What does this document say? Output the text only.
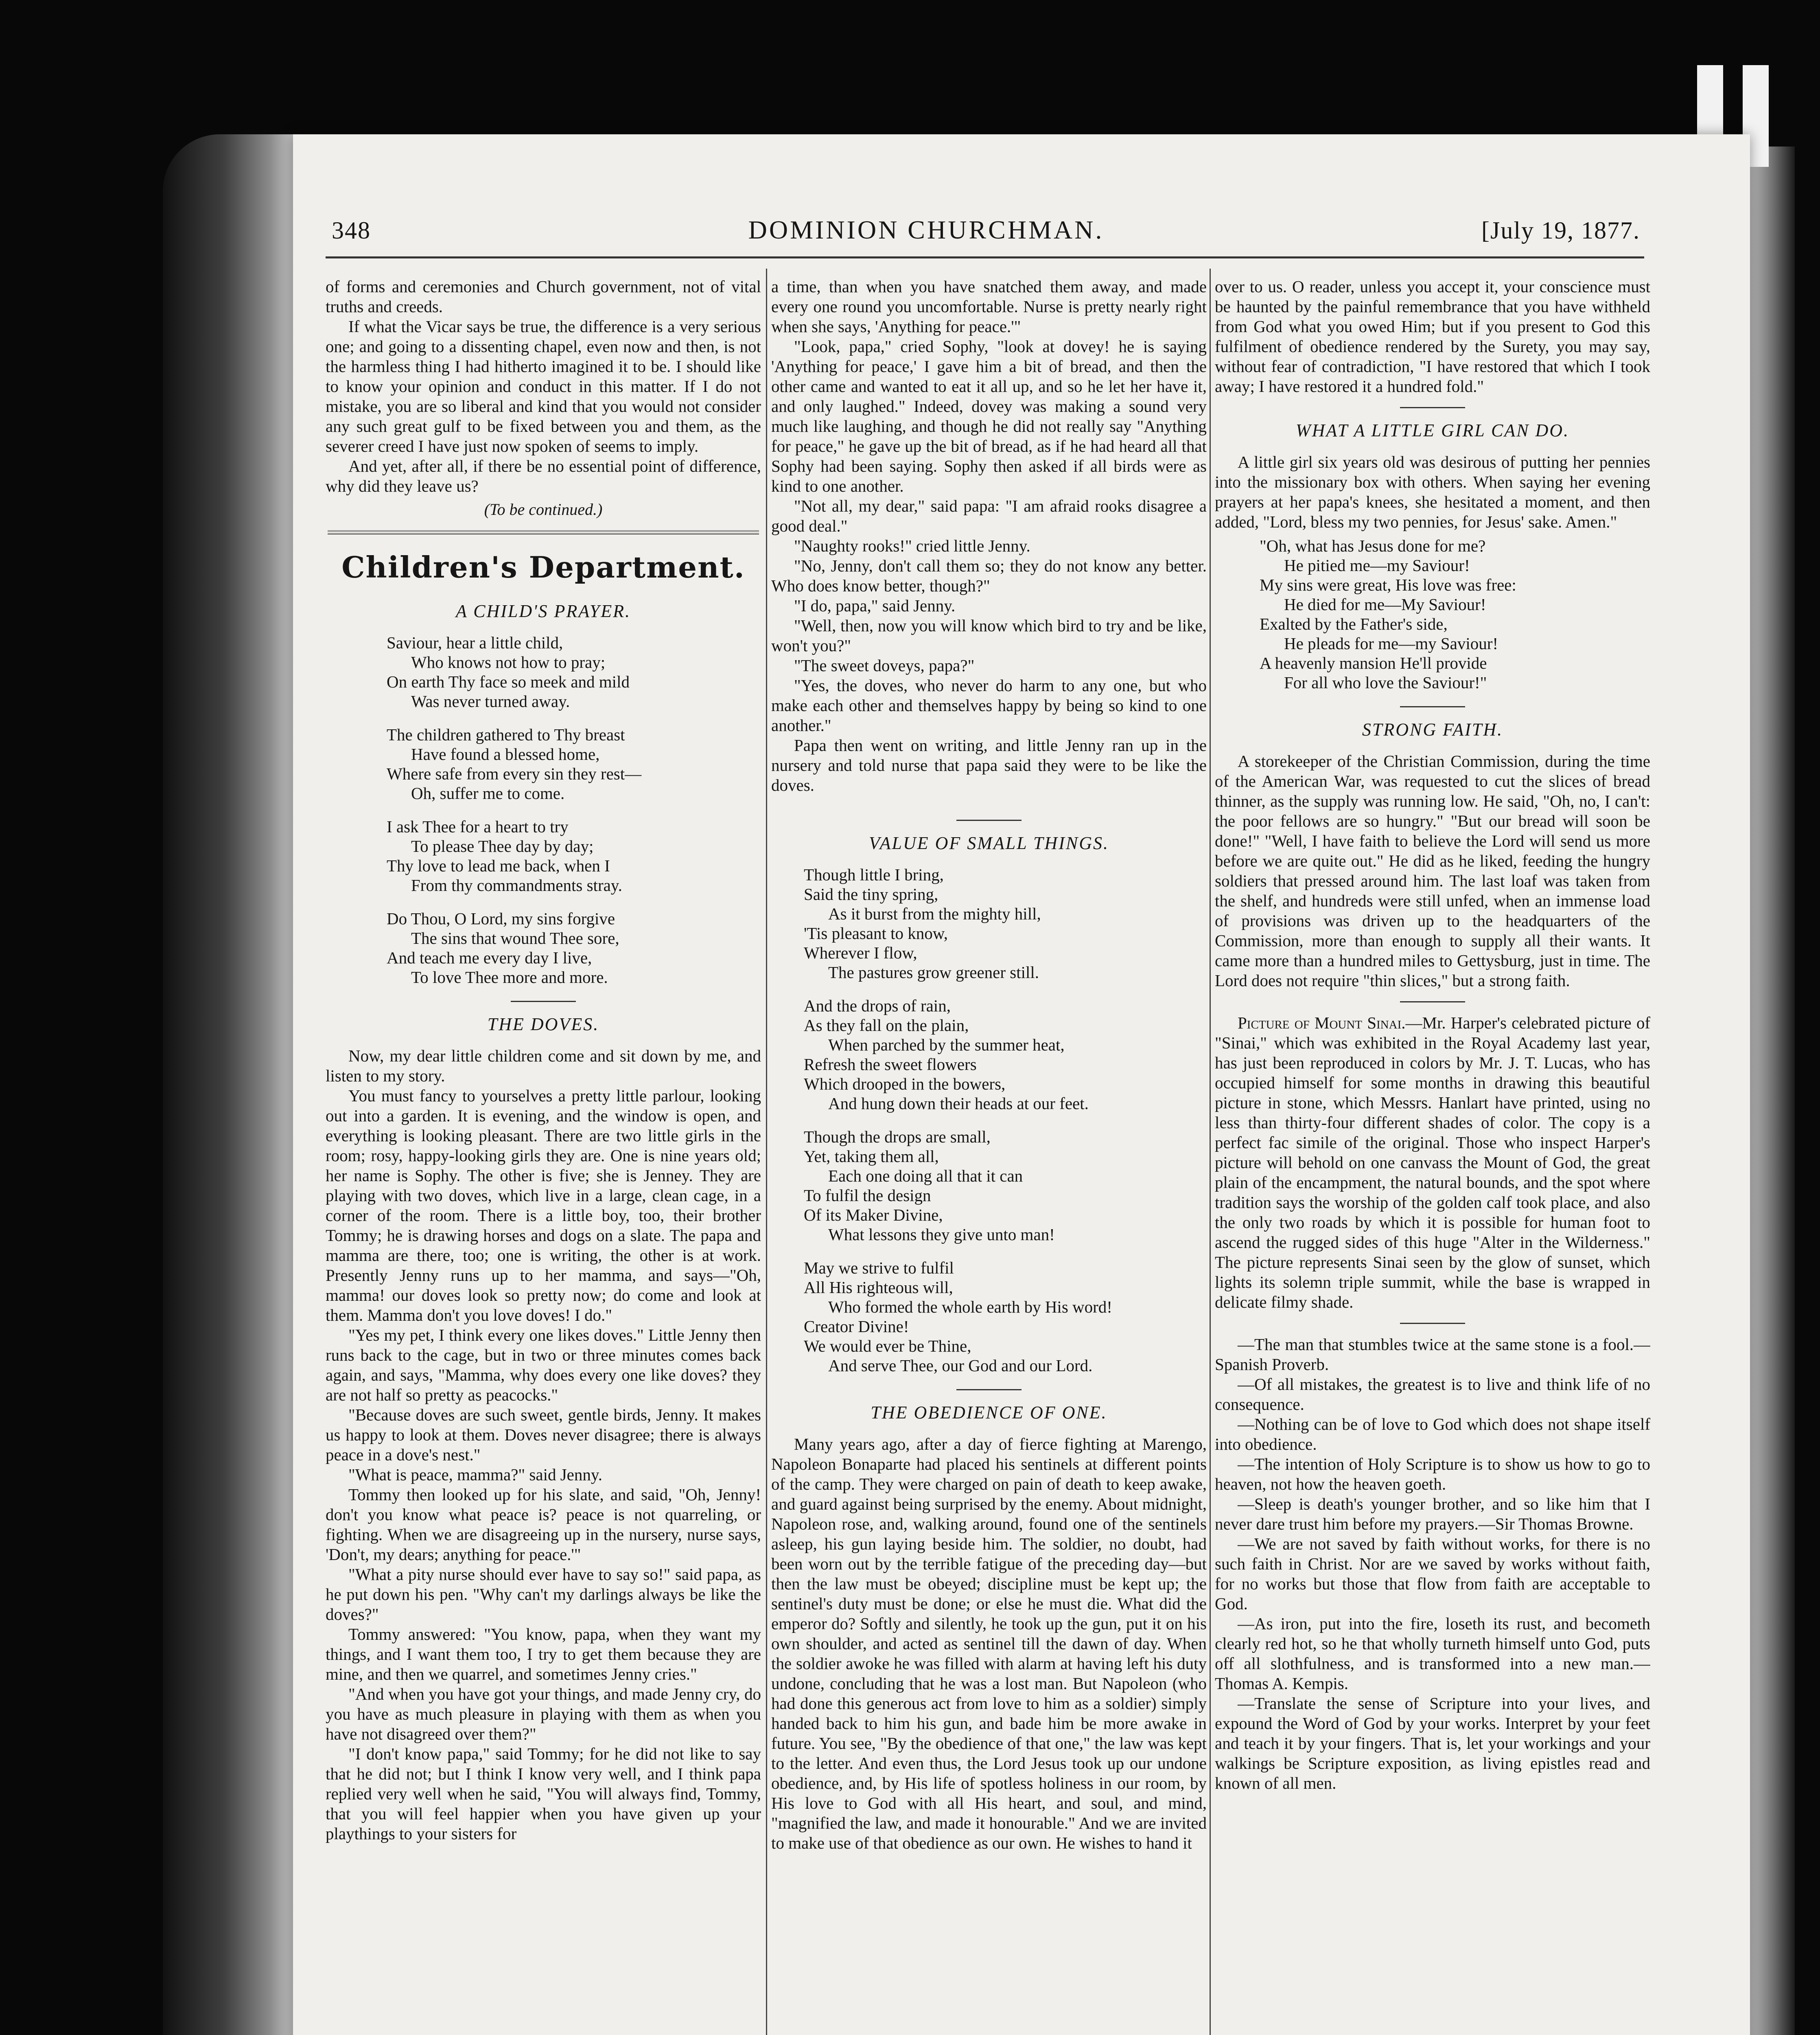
348	DOMINION CHURCHMAN.	[July 19, 1877.

of forms and ceremonies and Church government, not of vital truths and creeds.

If what the Vicar says be true, the difference is a very serious one; and going to a dissenting chapel, even now and then, is not the harmless thing I had hitherto imagined it to be. I should like to know your opinion and conduct in this matter. If I do not mistake, you are so liberal and kind that you would not consider any such great gulf to be fixed between you and them, as the severer creed I have just now spoken of seems to imply.

And yet, after all, if there be no essential point of difference, why did they leave us?

(To be continued.)
Children's Department.
A CHILD'S PRAYER.
Saviour, hear a little child,
Who knows not how to pray;
On earth Thy face so meek and mild
Was never turned away.
The children gathered to Thy breast
Have found a blessed home,
Where safe from every sin they rest—
Oh, suffer me to come.
I ask Thee for a heart to try
To please Thee day by day;
Thy love to lead me back, when I
From thy commandments stray.
Do Thou, O Lord, my sins forgive
The sins that wound Thee sore,
And teach me every day I live,
To love Thee more and more.
THE DOVES.

Now, my dear little children come and sit down by me, and listen to my story.

You must fancy to yourselves a pretty little parlour, looking out into a garden. It is evening, and the window is open, and everything is looking pleasant. There are two little girls in the room; rosy, happy-looking girls they are. One is nine years old; her name is Sophy. The other is five; she is Jenney. They are playing with two doves, which live in a large, clean cage, in a corner of the room. There is a little boy, too, their brother Tommy; he is drawing horses and dogs on a slate. The papa and mamma are there, too; one is writing, the other is at work. Presently Jenny runs up to her mamma, and says—"Oh, mamma! our doves look so pretty now; do come and look at them. Mamma don't you love doves! I do."

"Yes my pet, I think every one likes doves." Little Jenny then runs back to the cage, but in two or three minutes comes back again, and says, "Mamma, why does every one like doves? they are not half so pretty as peacocks."

"Because doves are such sweet, gentle birds, Jenny. It makes us happy to look at them. Doves never disagree; there is always peace in a dove's nest."

"What is peace, mamma?" said Jenny.

Tommy then looked up for his slate, and said, "Oh, Jenny! don't you know what peace is? peace is not quarreling, or fighting. When we are disagreeing up in the nursery, nurse says, 'Don't, my dears; anything for peace.'"

"What a pity nurse should ever have to say so!" said papa, as he put down his pen. "Why can't my darlings always be like the doves?"

Tommy answered: "You know, papa, when they want my things, and I want them too, I try to get them because they are mine, and then we quarrel, and sometimes Jenny cries."

"And when you have got your things, and made Jenny cry, do you have as much pleasure in playing with them as when you have not disagreed over them?"

"I don't know papa," said Tommy; for he did not like to say that he did not; but I think I know very well, and I think papa replied very well when he said, "You will always find, Tommy, that you will feel happier when you have given up your playthings to your sisters for

a time, than when you have snatched them away, and made every one round you uncomfortable. Nurse is pretty nearly right when she says, 'Anything for peace.'"

"Look, papa," cried Sophy, "look at dovey! he is saying 'Anything for peace,' I gave him a bit of bread, and then the other came and wanted to eat it all up, and so he let her have it, and only laughed." Indeed, dovey was making a sound very much like laughing, and though he did not really say "Anything for peace," he gave up the bit of bread, as if he had heard all that Sophy had been saying. Sophy then asked if all birds were as kind to one another.

"Not all, my dear," said papa: "I am afraid rooks disagree a good deal."

"Naughty rooks!" cried little Jenny.

"No, Jenny, don't call them so; they do not know any better. Who does know better, though?"

"I do, papa," said Jenny.

"Well, then, now you will know which bird to try and be like, won't you?"

"The sweet doveys, papa?"

"Yes, the doves, who never do harm to any one, but who make each other and themselves happy by being so kind to one another."

Papa then went on writing, and little Jenny ran up in the nursery and told nurse that papa said they were to be like the doves.

VALUE OF SMALL THINGS.
Though little I bring,
Said the tiny spring,
As it burst from the mighty hill,
'Tis pleasant to know,
Wherever I flow,
The pastures grow greener still.
And the drops of rain,
As they fall on the plain,
When parched by the summer heat,
Refresh the sweet flowers
Which drooped in the bowers,
And hung down their heads at our feet.
Though the drops are small,
Yet, taking them all,
Each one doing all that it can
To fulfil the design
Of its Maker Divine,
What lessons they give unto man!
May we strive to fulfil
All His righteous will,
Who formed the whole earth by His word!
Creator Divine!
We would ever be Thine,
And serve Thee, our God and our Lord.
THE OBEDIENCE OF ONE.

Many years ago, after a day of fierce fighting at Marengo, Napoleon Bonaparte had placed his sentinels at different points of the camp. They were charged on pain of death to keep awake, and guard against being surprised by the enemy. About midnight, Napoleon rose, and, walking around, found one of the sentinels asleep, his gun laying beside him. The soldier, no doubt, had been worn out by the terrible fatigue of the preceding day—but then the law must be obeyed; discipline must be kept up; the sentinel's duty must be done; or else he must die. What did the emperor do? Softly and silently, he took up the gun, put it on his own shoulder, and acted as sentinel till the dawn of day. When the soldier awoke he was filled with alarm at having left his duty undone, concluding that he was a lost man. But Napoleon (who had done this generous act from love to him as a soldier) simply handed back to him his gun, and bade him be more awake in future. You see, "By the obedience of that one," the law was kept to the letter. And even thus, the Lord Jesus took up our undone obedience, and, by His life of spotless holiness in our room, by His love to God with all His heart, and soul, and mind, "magnified the law, and made it honourable." And we are invited to make use of that obedience as our own. He wishes to hand it

over to us. O reader, unless you accept it, your conscience must be haunted by the painful remembrance that you have withheld from God what you owed Him; but if you present to God this fulfilment of obedience rendered by the Surety, you may say, without fear of contradiction, "I have restored that which I took away; I have restored it a hundred fold."

WHAT A LITTLE GIRL CAN DO.

A little girl six years old was desirous of putting her pennies into the missionary box with others. When saying her evening prayers at her papa's knees, she hesitated a moment, and then added, "Lord, bless my two pennies, for Jesus' sake. Amen."

"Oh, what has Jesus done for me?
He pitied me—my Saviour!
My sins were great, His love was free:
He died for me—My Saviour!
Exalted by the Father's side,
He pleads for me—my Saviour!
A heavenly mansion He'll provide
For all who love the Saviour!"
STRONG FAITH.

A storekeeper of the Christian Commission, during the time of the American War, was requested to cut the slices of bread thinner, as the supply was running low. He said, "Oh, no, I can't: the poor fellows are so hungry." "But our bread will soon be done!" "Well, I have faith to believe the Lord will send us more before we are quite out." He did as he liked, feeding the hungry soldiers that pressed around him. The last loaf was taken from the shelf, and hundreds were still unfed, when an immense load of provisions was driven up to the headquarters of the Commission, more than enough to supply all their wants. It came more than a hundred miles to Gettysburg, just in time. The Lord does not require "thin slices," but a strong faith.

Picture of Mount Sinai.—Mr. Harper's celebrated picture of "Sinai," which was exhibited in the Royal Academy last year, has just been reproduced in colors by Mr. J. T. Lucas, who has occupied himself for some months in drawing this beautiful picture in stone, which Messrs. Hanlart have printed, using no less than thirty-four different shades of color. The copy is a perfect fac simile of the original. Those who inspect Harper's picture will behold on one canvass the Mount of God, the great plain of the encampment, the natural bounds, and the spot where tradition says the worship of the golden calf took place, and also the only two roads by which it is possible for human foot to ascend the rugged sides of this huge "Alter in the Wilderness." The picture represents Sinai seen by the glow of sunset, which lights its solemn triple summit, while the base is wrapped in delicate filmy shade.

—The man that stumbles twice at the same stone is a fool.—Spanish Proverb.

—Of all mistakes, the greatest is to live and think life of no consequence.

—Nothing can be of love to God which does not shape itself into obedience.

—The intention of Holy Scripture is to show us how to go to heaven, not how the heaven goeth.

—Sleep is death's younger brother, and so like him that I never dare trust him before my prayers.—Sir Thomas Browne.

—We are not saved by faith without works, for there is no such faith in Christ. Nor are we saved by works without faith, for no works but those that flow from faith are acceptable to God.

—As iron, put into the fire, loseth its rust, and becometh clearly red hot, so he that wholly turneth himself unto God, puts off all slothfulness, and is transformed into a new man.—Thomas A. Kempis.

—Translate the sense of Scripture into your lives, and expound the Word of God by your works. Interpret by your feet and teach it by your fingers. That is, let your workings and your walkings be Scripture exposition, as living epistles read and known of all men.
